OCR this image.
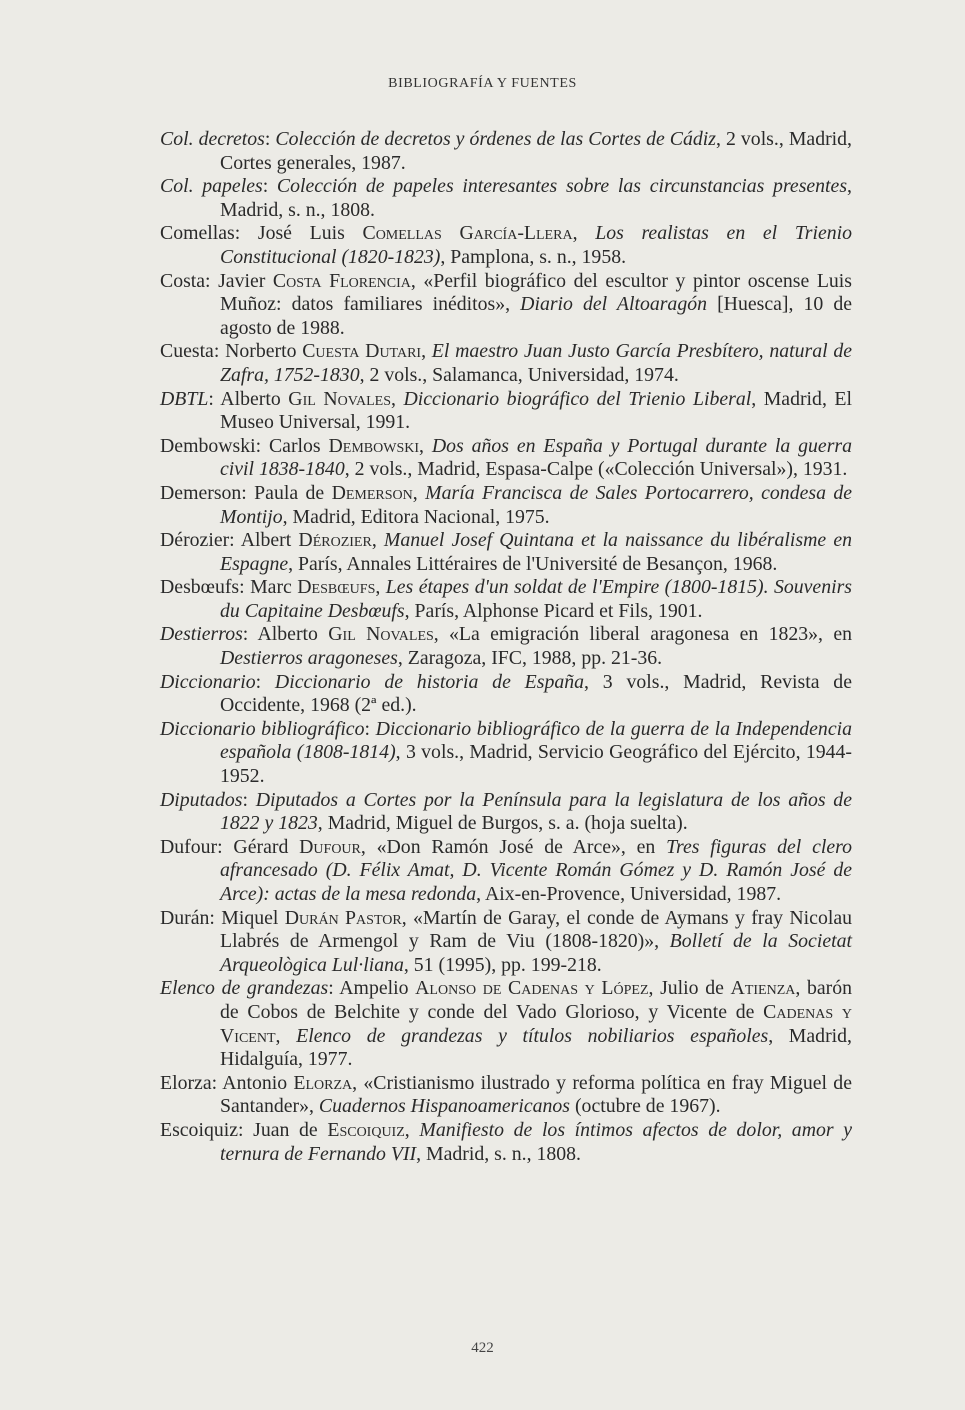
BIBLIOGRAFÍA Y FUENTES

Col. decretos: Colección de decretos y órdenes de las Cortes de Cádiz, 2 vols., Madrid, Cortes generales, 1987.

Col. papeles: Colección de papeles interesantes sobre las circunstancias presentes, Madrid, s. n., 1808.

Comellas: José Luis Comellas García-Llera, Los realistas en el Trienio Constitucional (1820-1823), Pamplona, s. n., 1958.

Costa: Javier Costa Florencia, «Perfil biográfico del escultor y pintor oscense Luis Muñoz: datos familiares inéditos», Diario del Altoaragón [Huesca], 10 de agosto de 1988.

Cuesta: Norberto Cuesta Dutari, El maestro Juan Justo García Presbítero, natural de Zafra, 1752-1830, 2 vols., Salamanca, Universidad, 1974.

DBTL: Alberto Gil Novales, Diccionario biográfico del Trienio Liberal, Madrid, El Museo Universal, 1991.

Dembowski: Carlos Dembowski, Dos años en España y Portugal durante la guerra civil 1838-1840, 2 vols., Madrid, Espasa-Calpe («Colección Universal»), 1931.

Demerson: Paula de Demerson, María Francisca de Sales Portocarrero, condesa de Montijo, Madrid, Editora Nacional, 1975.

Dérozier: Albert Dérozier, Manuel Josef Quintana et la naissance du libéralisme en Espagne, París, Annales Littéraires de l'Université de Besançon, 1968.

Desbœufs: Marc Desbœufs, Les étapes d'un soldat de l'Empire (1800-1815). Souvenirs du Capitaine Desbœufs, París, Alphonse Picard et Fils, 1901.

Destierros: Alberto Gil Novales, «La emigración liberal aragonesa en 1823», en Destierros aragoneses, Zaragoza, IFC, 1988, pp. 21-36.

Diccionario: Diccionario de historia de España, 3 vols., Madrid, Revista de Occidente, 1968 (2ª ed.).

Diccionario bibliográfico: Diccionario bibliográfico de la guerra de la Independencia española (1808-1814), 3 vols., Madrid, Servicio Geográfico del Ejército, 1944-1952.

Diputados: Diputados a Cortes por la Península para la legislatura de los años de 1822 y 1823, Madrid, Miguel de Burgos, s. a. (hoja suelta).

Dufour: Gérard Dufour, «Don Ramón José de Arce», en Tres figuras del clero afrancesado (D. Félix Amat, D. Vicente Román Gómez y D. Ramón José de Arce): actas de la mesa redonda, Aix-en-Provence, Universidad, 1987.

Durán: Miquel Durán Pastor, «Martín de Garay, el conde de Aymans y fray Nicolau Llabrés de Armengol y Ram de Viu (1808-1820)», Bolletí de la Societat Arqueològica Lul·liana, 51 (1995), pp. 199-218.

Elenco de grandezas: Ampelio Alonso de Cadenas y López, Julio de Atienza, barón de Cobos de Belchite y conde del Vado Glorioso, y Vicente de Cadenas y Vicent, Elenco de grandezas y títulos nobiliarios españoles, Madrid, Hidalguía, 1977.

Elorza: Antonio Elorza, «Cristianismo ilustrado y reforma política en fray Miguel de Santander», Cuadernos Hispanoamericanos (octubre de 1967).

Escoiquiz: Juan de Escoiquiz, Manifiesto de los íntimos afectos de dolor, amor y ternura de Fernando VII, Madrid, s. n., 1808.

422
